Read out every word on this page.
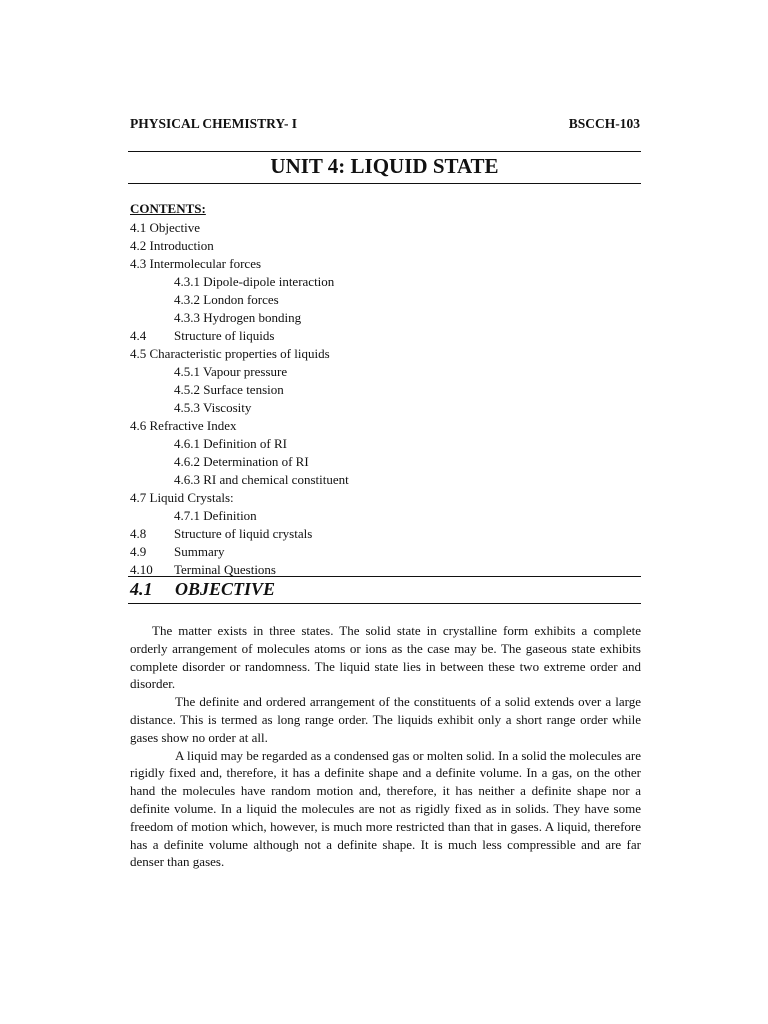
PHYSICAL CHEMISTRY- I	BSCCH-103
UNIT 4: LIQUID STATE
CONTENTS:
4.1 Objective
4.2 Introduction
4.3 Intermolecular forces
4.3.1 Dipole-dipole interaction
4.3.2 London forces
4.3.3 Hydrogen bonding
4.4 Structure of liquids
4.5 Characteristic properties of liquids
4.5.1 Vapour pressure
4.5.2 Surface tension
4.5.3 Viscosity
4.6 Refractive Index
4.6.1 Definition of RI
4.6.2 Determination of RI
4.6.3 RI and chemical constituent
4.7 Liquid Crystals:
4.7.1 Definition
4.8 Structure of liquid crystals
4.9 Summary
4.10 Terminal Questions
4.1 OBJECTIVE

The matter exists in three states. The solid state in crystalline form exhibits a complete orderly arrangement of molecules atoms or ions as the case may be. The gaseous state exhibits complete disorder or randomness. The liquid state lies in between these two extreme order and disorder.

The definite and ordered arrangement of the constituents of a solid extends over a large distance. This is termed as long range order. The liquids exhibit only a short range order while gases show no order at all.

A liquid may be regarded as a condensed gas or molten solid. In a solid the molecules are rigidly fixed and, therefore, it has a definite shape and a definite volume. In a gas, on the other hand the molecules have random motion and, therefore, it has neither a definite shape nor a definite volume. In a liquid the molecules are not as rigidly fixed as in solids. They have some freedom of motion which, however, is much more restricted than that in gases. A liquid, therefore has a definite volume although not a definite shape. It is much less compressible and are far denser than gases.
